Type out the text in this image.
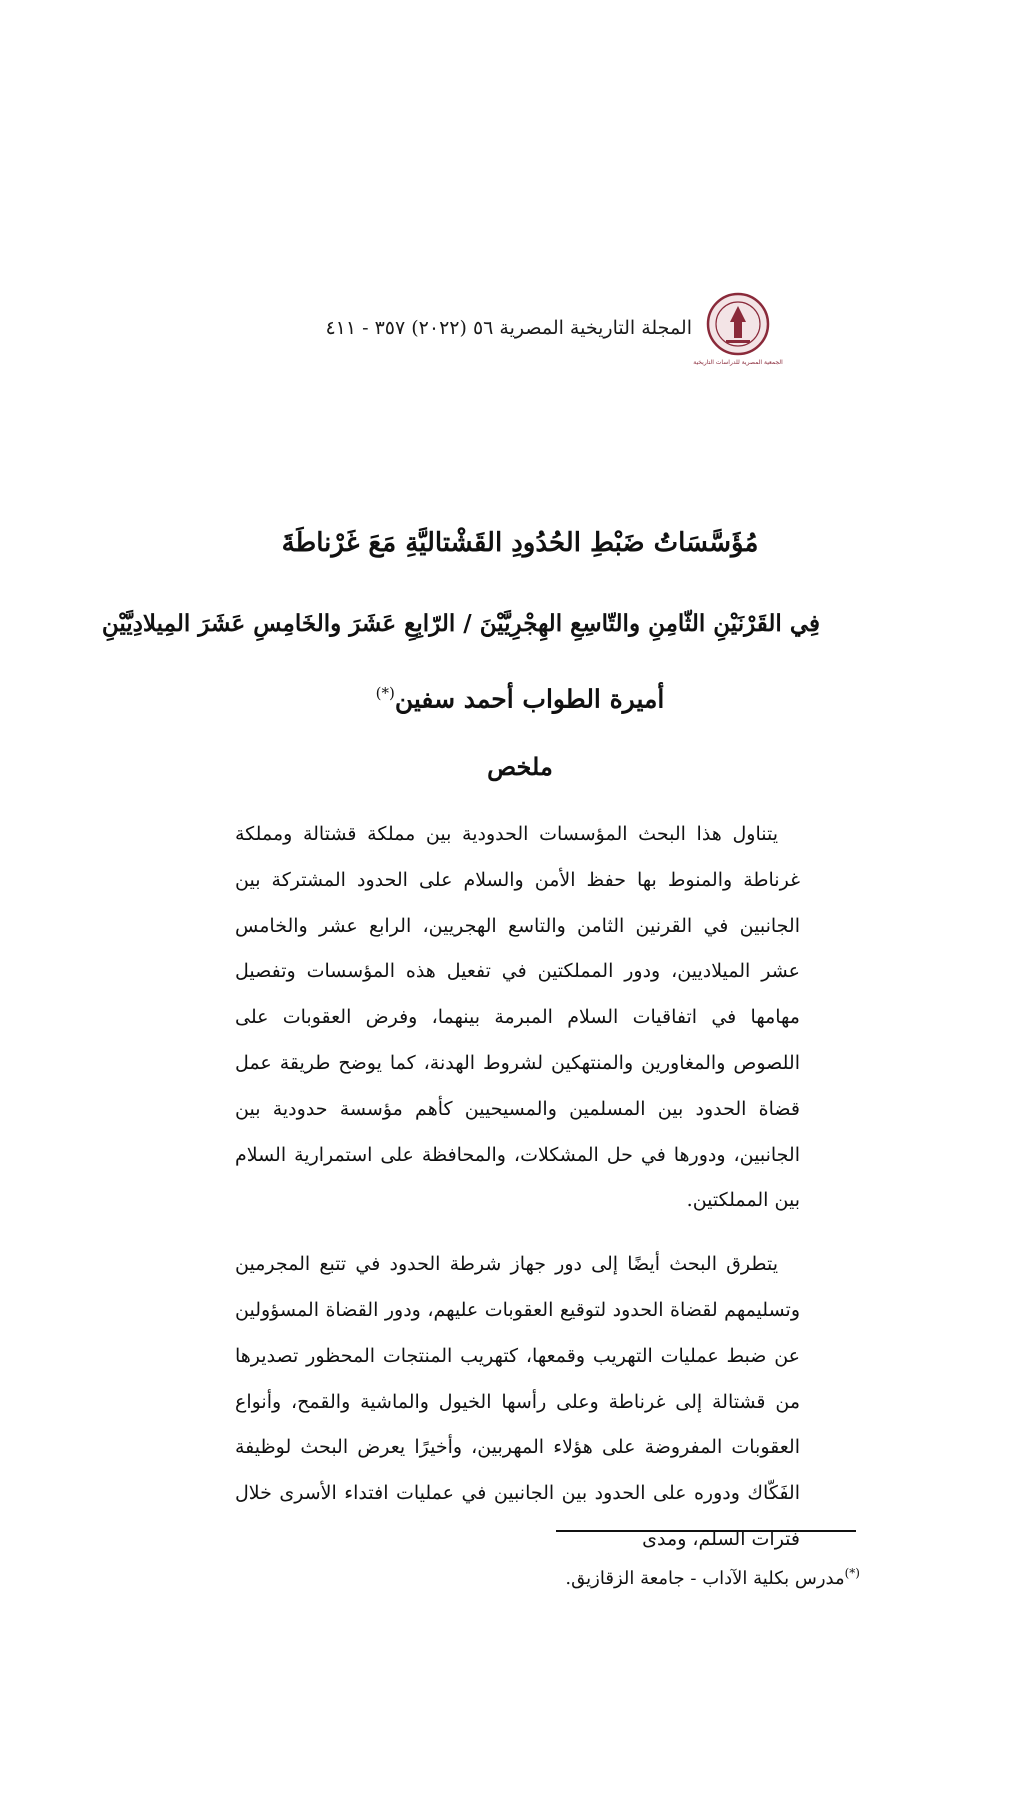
الجمعية المصرية للدراسات التاريخية
المجلة التاريخية المصرية ٥٦ (٢٠٢٢) ٣٥٧ - ٤١١
مُؤَسَّسَاتُ ضَبْطِ الحُدُودِ القَشْتاليَّةِ مَعَ غَرْناطَةَ
فِي القَرْنَيْنِ الثّامِنِ والتّاسِعِ الهِجْرِيَّيْنَ / الرّابِعِ عَشَرَ والخَامِسِ عَشَرَ المِيلادِيَّيْنِ
أميرة الطواب أحمد سفين(*)
ملخص

يتناول هذا البحث المؤسسات الحدودية بين مملكة قشتالة ومملكة غرناطة والمنوط بها حفظ الأمن والسلام على الحدود المشتركة بين الجانبين في القرنين الثامن والتاسع الهجريين، الرابع عشر والخامس عشر الميلاديين، ودور المملكتين في تفعيل هذه المؤسسات وتفصيل مهامها في اتفاقيات السلام المبرمة بينهما، وفرض العقوبات على اللصوص والمغاورين والمنتهكين لشروط الهدنة، كما يوضح طريقة عمل قضاة الحدود بين المسلمين والمسيحيين كأهم مؤسسة حدودية بين الجانبين، ودورها في حل المشكلات، والمحافظة على استمرارية السلام بين المملكتين.

يتطرق البحث أيضًا إلى دور جهاز شرطة الحدود في تتبع المجرمين وتسليمهم لقضاة الحدود لتوقيع العقوبات عليهم، ودور القضاة المسؤولين عن ضبط عمليات التهريب وقمعها، كتهريب المنتجات المحظور تصديرها من قشتالة إلى غرناطة وعلى رأسها الخيول والماشية والقمح، وأنواع العقوبات المفروضة على هؤلاء المهربين، وأخيرًا يعرض البحث لوظيفة الفَكّاك ودوره على الحدود بين الجانبين في عمليات افتداء الأسرى خلال فترات السلم، ومدى

(*)مدرس بكلية الآداب - جامعة الزقازيق.
